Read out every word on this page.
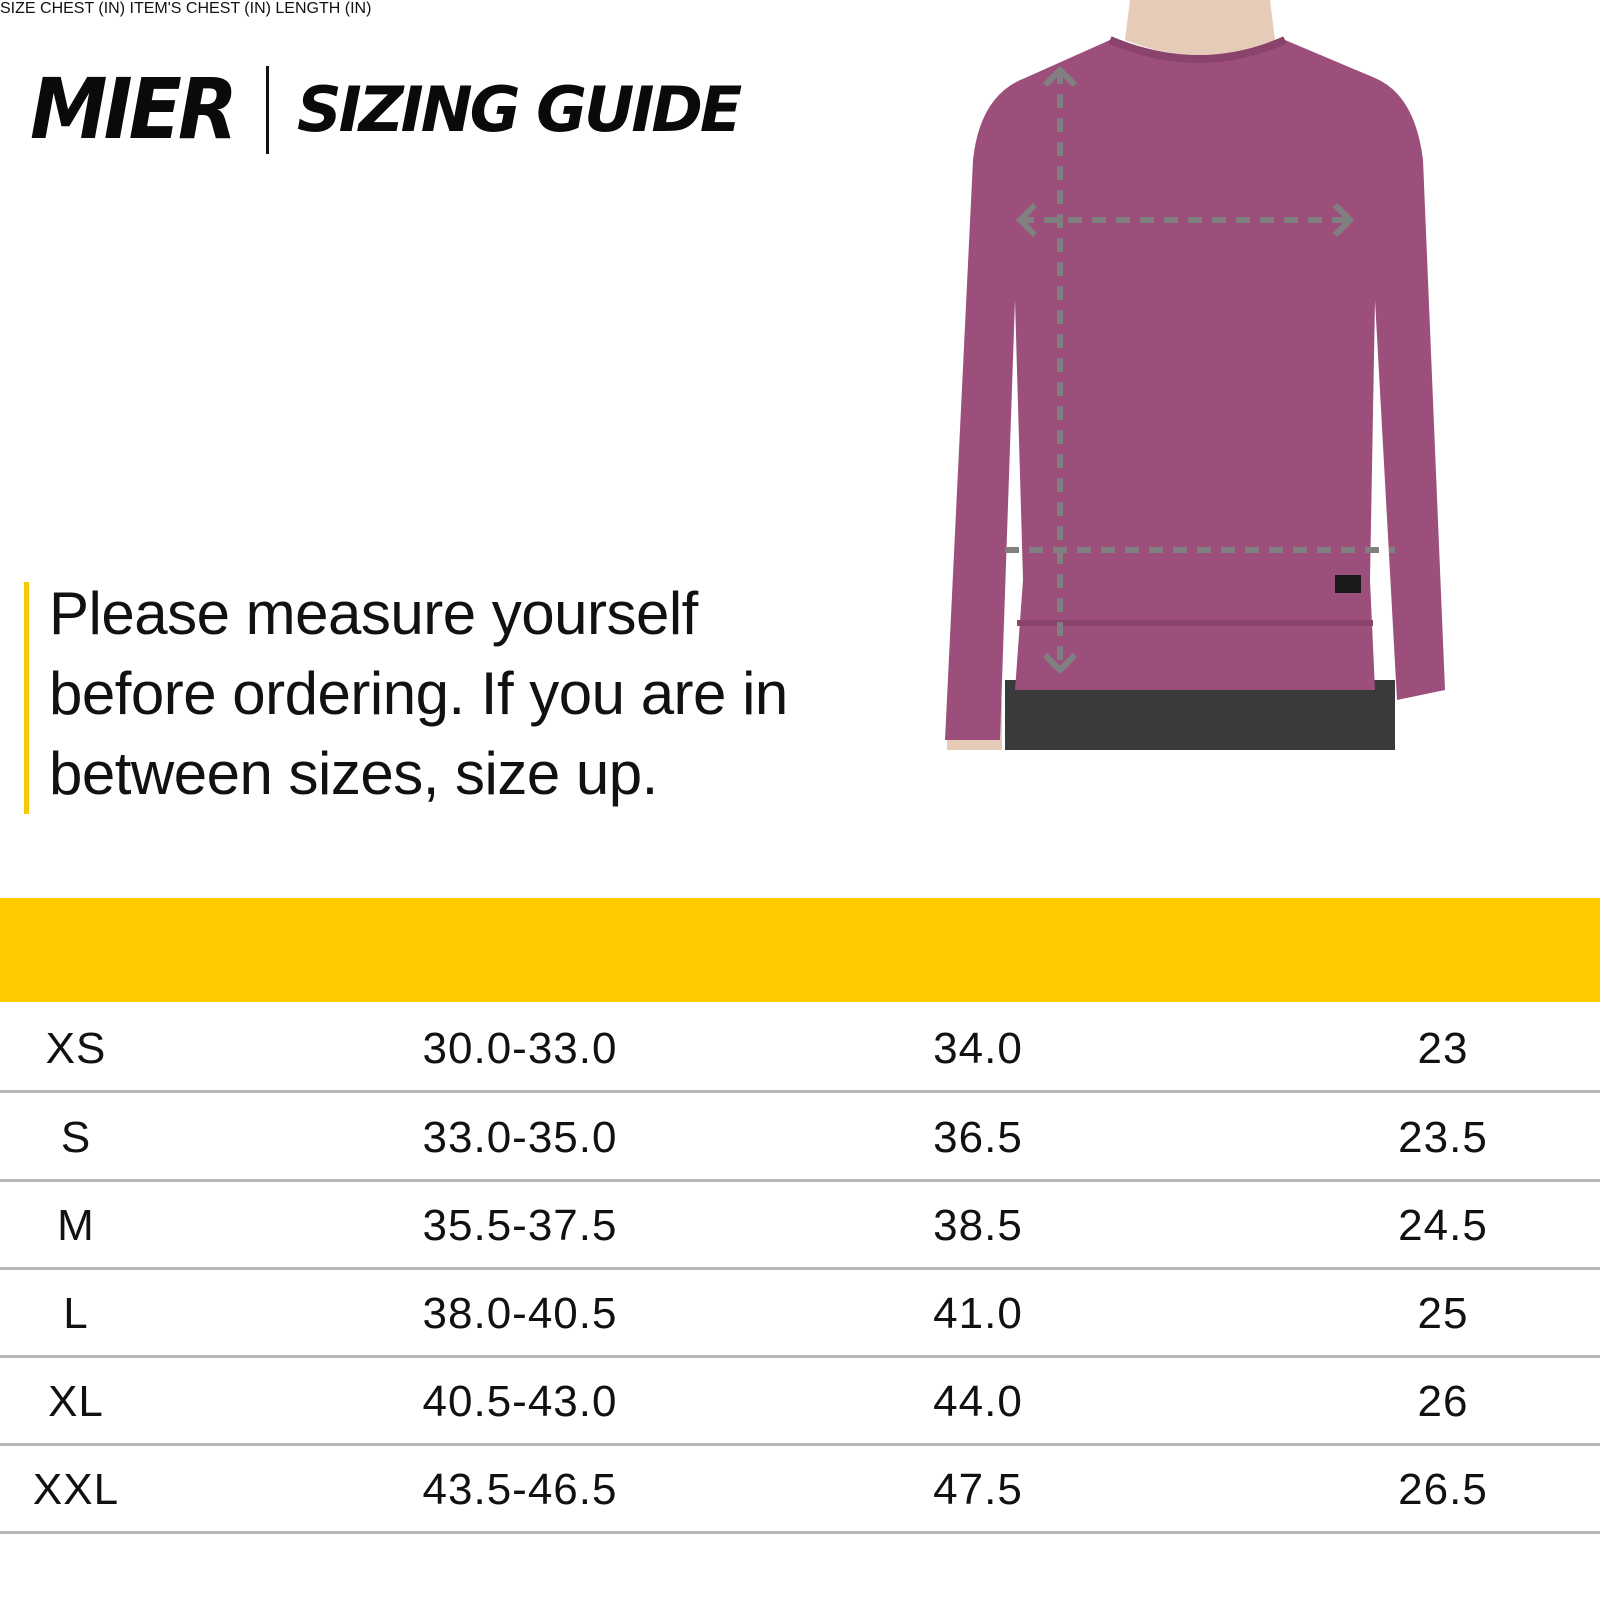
MIER SIZING GUIDE

Please measure yourself before ordering. If you are in between sizes, size up.

SIZE CHEST (IN) ITEM'S CHEST (IN) LENGTH (IN)
XS	30.0-33.0	34.0	23
S	33.0-35.0	36.5	23.5
M	35.5-37.5	38.5	24.5
L	38.0-40.5	41.0	25
XL	40.5-43.0	44.0	26
XXL	43.5-46.5	47.5	26.5
